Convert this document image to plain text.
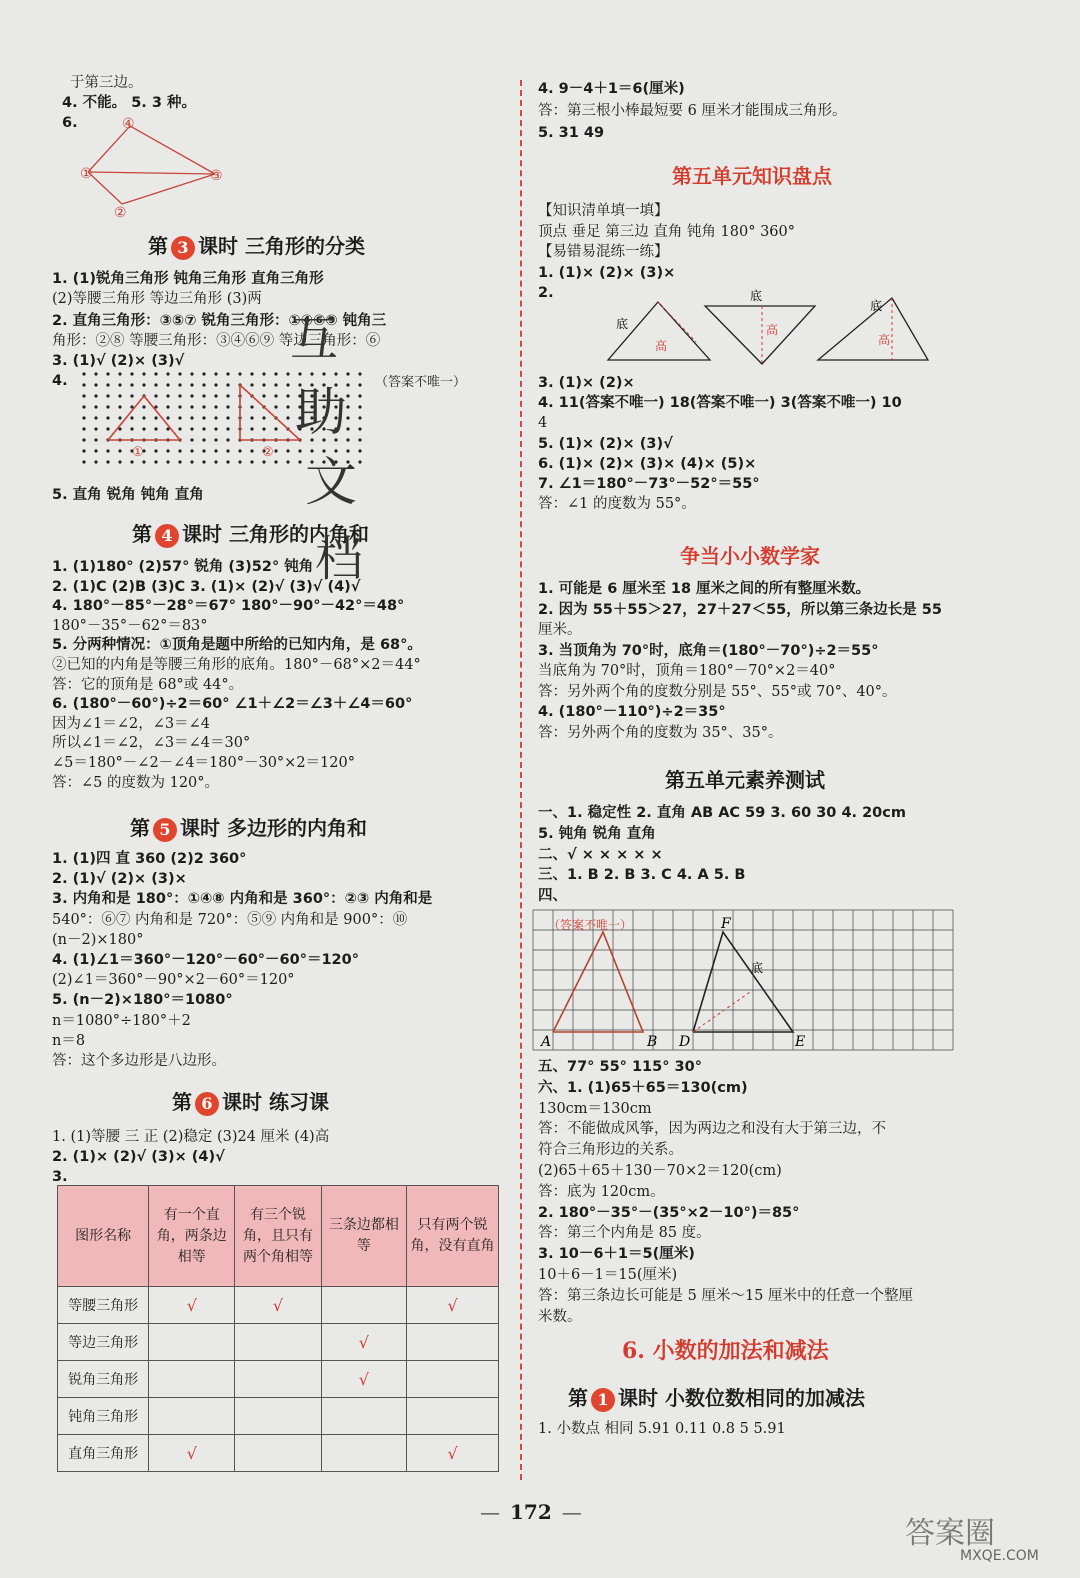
于第三边。
4. 不能。 5. 3 种。
6.
①
②
③
④
第 3 课时 三角形的分类
1. (1)锐角三角形 钝角三角形 直角三角形
(2)等腰三角形 等边三角形 (3)两
2. 直角三角形：③⑤⑦ 锐角三角形：①④⑥⑨ 钝角三
角形：②⑧ 等腰三角形：③④⑥⑨ 等边三角形：⑥
3. (1)√ (2)× (3)√
4.	（答案不唯一）
①	②
5. 直角 锐角 钝角 直角
第 4 课时 三角形的内角和
1. (1)180° (2)57° 锐角 (3)52° 钝角
2. (1)C (2)B (3)C 3. (1)× (2)√ (3)√ (4)√
4. 180°－85°－28°＝67° 180°－90°－42°＝48°
180°－35°－62°＝83°
5. 分两种情况：①顶角是题中所给的已知内角，是 68°。
②已知的内角是等腰三角形的底角。180°－68°×2＝44°
答：它的顶角是 68°或 44°。
6. (180°－60°)÷2＝60° ∠1＋∠2＝∠3＋∠4＝60°
因为∠1＝∠2，∠3＝∠4
所以∠1＝∠2，∠3＝∠4＝30°
∠5＝180°－∠2－∠4＝180°－30°×2＝120°
答：∠5 的度数为 120°。
第 5 课时 多边形的内角和
1. (1)四 直 360 (2)2 360°
2. (1)√ (2)× (3)×
3. 内角和是 180°：①④⑧ 内角和是 360°：②③ 内角和是
540°：⑥⑦ 内角和是 720°：⑤⑨ 内角和是 900°：⑩
(n－2)×180°
4. (1)∠1＝360°－120°－60°－60°＝120°
(2)∠1＝360°－90°×2－60°＝120°
5. (n－2)×180°＝1080°
n＝1080°÷180°＋2
n＝8
答：这个多边形是八边形。
第 6 课时 练习课
1. (1)等腰 三 正 (2)稳定 (3)24 厘米 (4)高
2. (1)× (2)√ (3)× (4)√
3.
图形名称	有一个直角，两条边相等	有三个锐角，且只有两个角相等	三条边都相等	只有两个锐角，没有直角
等腰三角形	√	√		√
等边三角形			√	
锐角三角形			√	
钝角三角形				
直角三角形	√			√
互
助
文
档
4. 9－4＋1＝6(厘米)
答：第三根小棒最短要 6 厘米才能围成三角形。
5. 31 49
第五单元知识盘点
【知识清单填一填】
顶点 垂足 第三边 直角 钝角 180° 360°
【易错易混练一练】
1. (1)× (2)× (3)×
2.
底
高
底
高
底
高
3. (1)× (2)×
4. 11(答案不唯一) 18(答案不唯一) 3(答案不唯一) 10
4
5. (1)× (2)× (3)√
6. (1)× (2)× (3)× (4)× (5)×
7. ∠1＝180°－73°－52°＝55°
答：∠1 的度数为 55°。
争当小小数学家
1. 可能是 6 厘米至 18 厘米之间的所有整厘米数。
2. 因为 55＋55＞27，27＋27＜55，所以第三条边长是 55
厘米。
3. 当顶角为 70°时，底角＝(180°－70°)÷2＝55°
当底角为 70°时，顶角＝180°－70°×2＝40°
答：另外两个角的度数分别是 55°、55°或 70°、40°。
4. (180°－110°)÷2＝35°
答：另外两个角的度数为 35°、35°。
第五单元素养测试
一、1. 稳定性 2. 直角 AB AC 59 3. 60 30 4. 20cm
5. 钝角 锐角 直角
二、√ × × × × ×
三、1. B 2. B 3. C 4. A 5. B
四、
A	B D	E
F
底
（答案不唯一）
五、77° 55° 115° 30°
六、1. (1)65＋65＝130(cm)
130cm＝130cm
答：不能做成风筝，因为两边之和没有大于第三边，不
符合三角形边的关系。
(2)65＋65＋130－70×2＝120(cm)
答：底为 120cm。
2. 180°－35°－(35°×2－10°)＝85°
答：第三个内角是 85 度。
3. 10－6＋1＝5(厘米)
10＋6－1＝15(厘米)
答：第三条边长可能是 5 厘米～15 厘米中的任意一个整厘
米数。
6. 小数的加法和减法
第 1 课时 小数位数相同的加减法
1. 小数点 相同 5.91 0.11 0.8 5 5.91
— 172 —
答案圈
MXQE.COM
